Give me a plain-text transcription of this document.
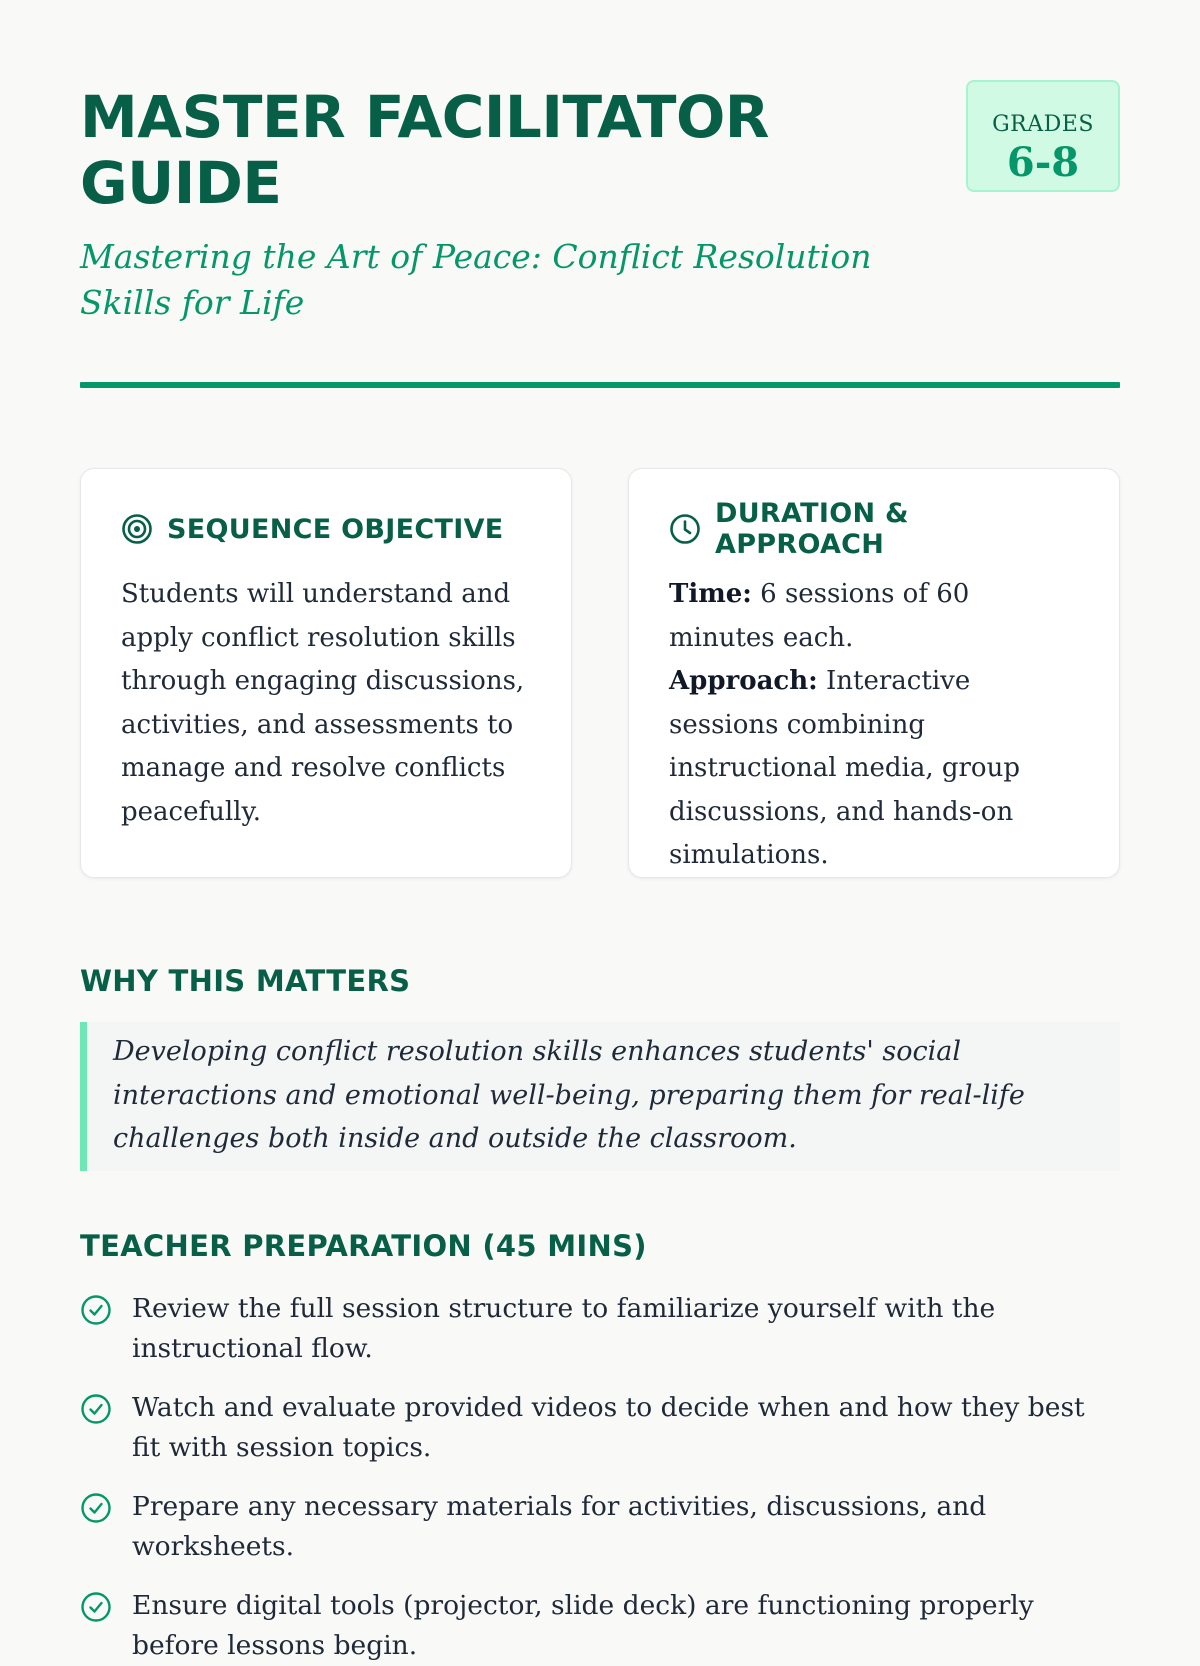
MASTER FACILITATOR GUIDE
Mastering the Art of Peace: Conflict Resolution Skills for Life
GRADES
6-8
SEQUENCE OBJECTIVE

Students will understand and apply conflict resolution skills through engaging discussions, activities, and assessments to manage and resolve conflicts peacefully.

DURATION & APPROACH

Time: 6 sessions of 60 minutes each.

Approach: Interactive sessions combining instructional media, group discussions, and hands-on simulations.

WHY THIS MATTERS
Developing conflict resolution skills enhances students' social interactions and emotional well-being, preparing them for real-life challenges both inside and outside the classroom.
TEACHER PREPARATION (45 MINS)
Review the full session structure to familiarize yourself with the instructional flow.
Watch and evaluate provided videos to decide when and how they best fit with session topics.
Prepare any necessary materials for activities, discussions, and worksheets.
Ensure digital tools (projector, slide deck) are functioning properly before lessons begin.
